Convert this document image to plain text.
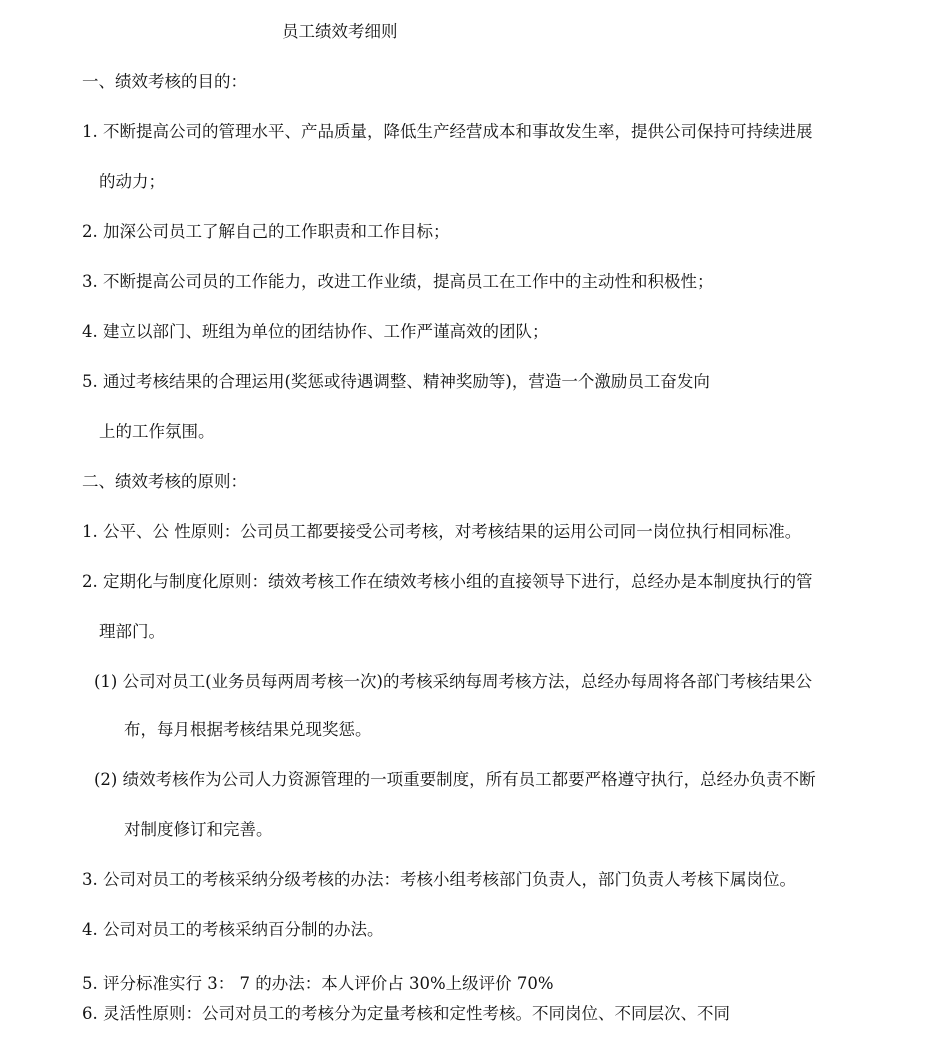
员工绩效考细则
一、绩效考核的目的：
1. 不断提高公司的管理水平、产品质量，降低生产经营成本和事故发生率，提供公司保持可持续进展
的动力；
2. 加深公司员工了解自己的工作职责和工作目标；
3. 不断提高公司员的工作能力，改进工作业绩，提高员工在工作中的主动性和积极性；
4. 建立以部门、班组为单位的团结协作、工作严谨高效的团队；
5. 通过考核结果的合理运用(奖惩或待遇调整、精神奖励等)，营造一个激励员工奋发向
上的工作氛围。
二、绩效考核的原则：
1. 公平、公 性原则：公司员工都要接受公司考核，对考核结果的运用公司同一岗位执行相同标准。
2. 定期化与制度化原则：绩效考核工作在绩效考核小组的直接领导下进行，总经办是本制度执行的管
理部门。
(1) 公司对员工(业务员每两周考核一次)的考核采纳每周考核方法，总经办每周将各部门考核结果公
布，每月根据考核结果兑现奖惩。
(2) 绩效考核作为公司人力资源管理的一项重要制度，所有员工都要严格遵守执行，总经办负责不断
对制度修订和完善。
3. 公司对员工的考核采纳分级考核的办法：考核小组考核部门负责人，部门负责人考核下属岗位。
4. 公司对员工的考核采纳百分制的办法。
5. 评分标准实行 3： 7 的办法：本人评价占 30%上级评价 70%
6. 灵活性原则：公司对员工的考核分为定量考核和定性考核。不同岗位、不同层次、不同
